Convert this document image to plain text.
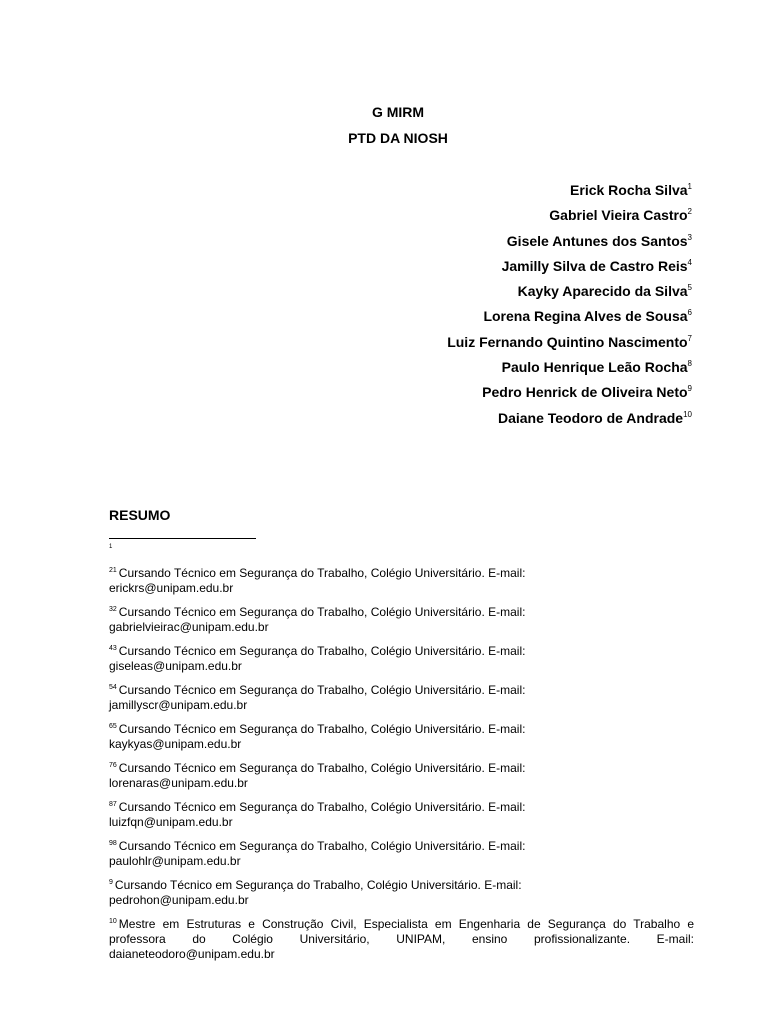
G MIRM
PTD DA NIOSH
Erick Rocha Silva$^1$
Gabriel Vieira Castro$^2$
Gisele Antunes dos Santos$^3$
Jamilly Silva de Castro Reis$^4$
Kayky Aparecido da Silva$^5$
Lorena Regina Alves de Sousa$^6$
Luiz Fernando Quintino Nascimento$^7$
Paulo Henrique Leão Rocha$^8$
Pedro Henrick de Oliveira Neto$^9$
Daiane Teodoro de Andrade$^{10}$
RESUMO
1
$^{21}$ Cursando Técnico em Segurança do Trabalho, Colégio Universitário. E-mail:
erickrs@unipam.edu.br
$^{32}$ Cursando Técnico em Segurança do Trabalho, Colégio Universitário. E-mail:
gabrielvieirac@unipam.edu.br
$^{43}$ Cursando Técnico em Segurança do Trabalho, Colégio Universitário. E-mail:
giseleas@unipam.edu.br
$^{54}$ Cursando Técnico em Segurança do Trabalho, Colégio Universitário. E-mail:
jamillyscr@unipam.edu.br
$^{65}$ Cursando Técnico em Segurança do Trabalho, Colégio Universitário. E-mail:
kaykyas@unipam.edu.br
$^{76}$ Cursando Técnico em Segurança do Trabalho, Colégio Universitário. E-mail:
lorenaras@unipam.edu.br
$^{87}$ Cursando Técnico em Segurança do Trabalho, Colégio Universitário. E-mail:
luizfqn@unipam.edu.br
$^{98}$ Cursando Técnico em Segurança do Trabalho, Colégio Universitário. E-mail:
paulohlr@unipam.edu.br
$^9$ Cursando Técnico em Segurança do Trabalho, Colégio Universitário. E-mail:
pedrohon@unipam.edu.br
$^{10}$ Mestre em Estruturas e Construção Civil, Especialista em Engenharia de Segurança do Trabalho e professora do Colégio Universitário, UNIPAM, ensino profissionalizante. E-mail: daianeteodoro@unipam.edu.br
